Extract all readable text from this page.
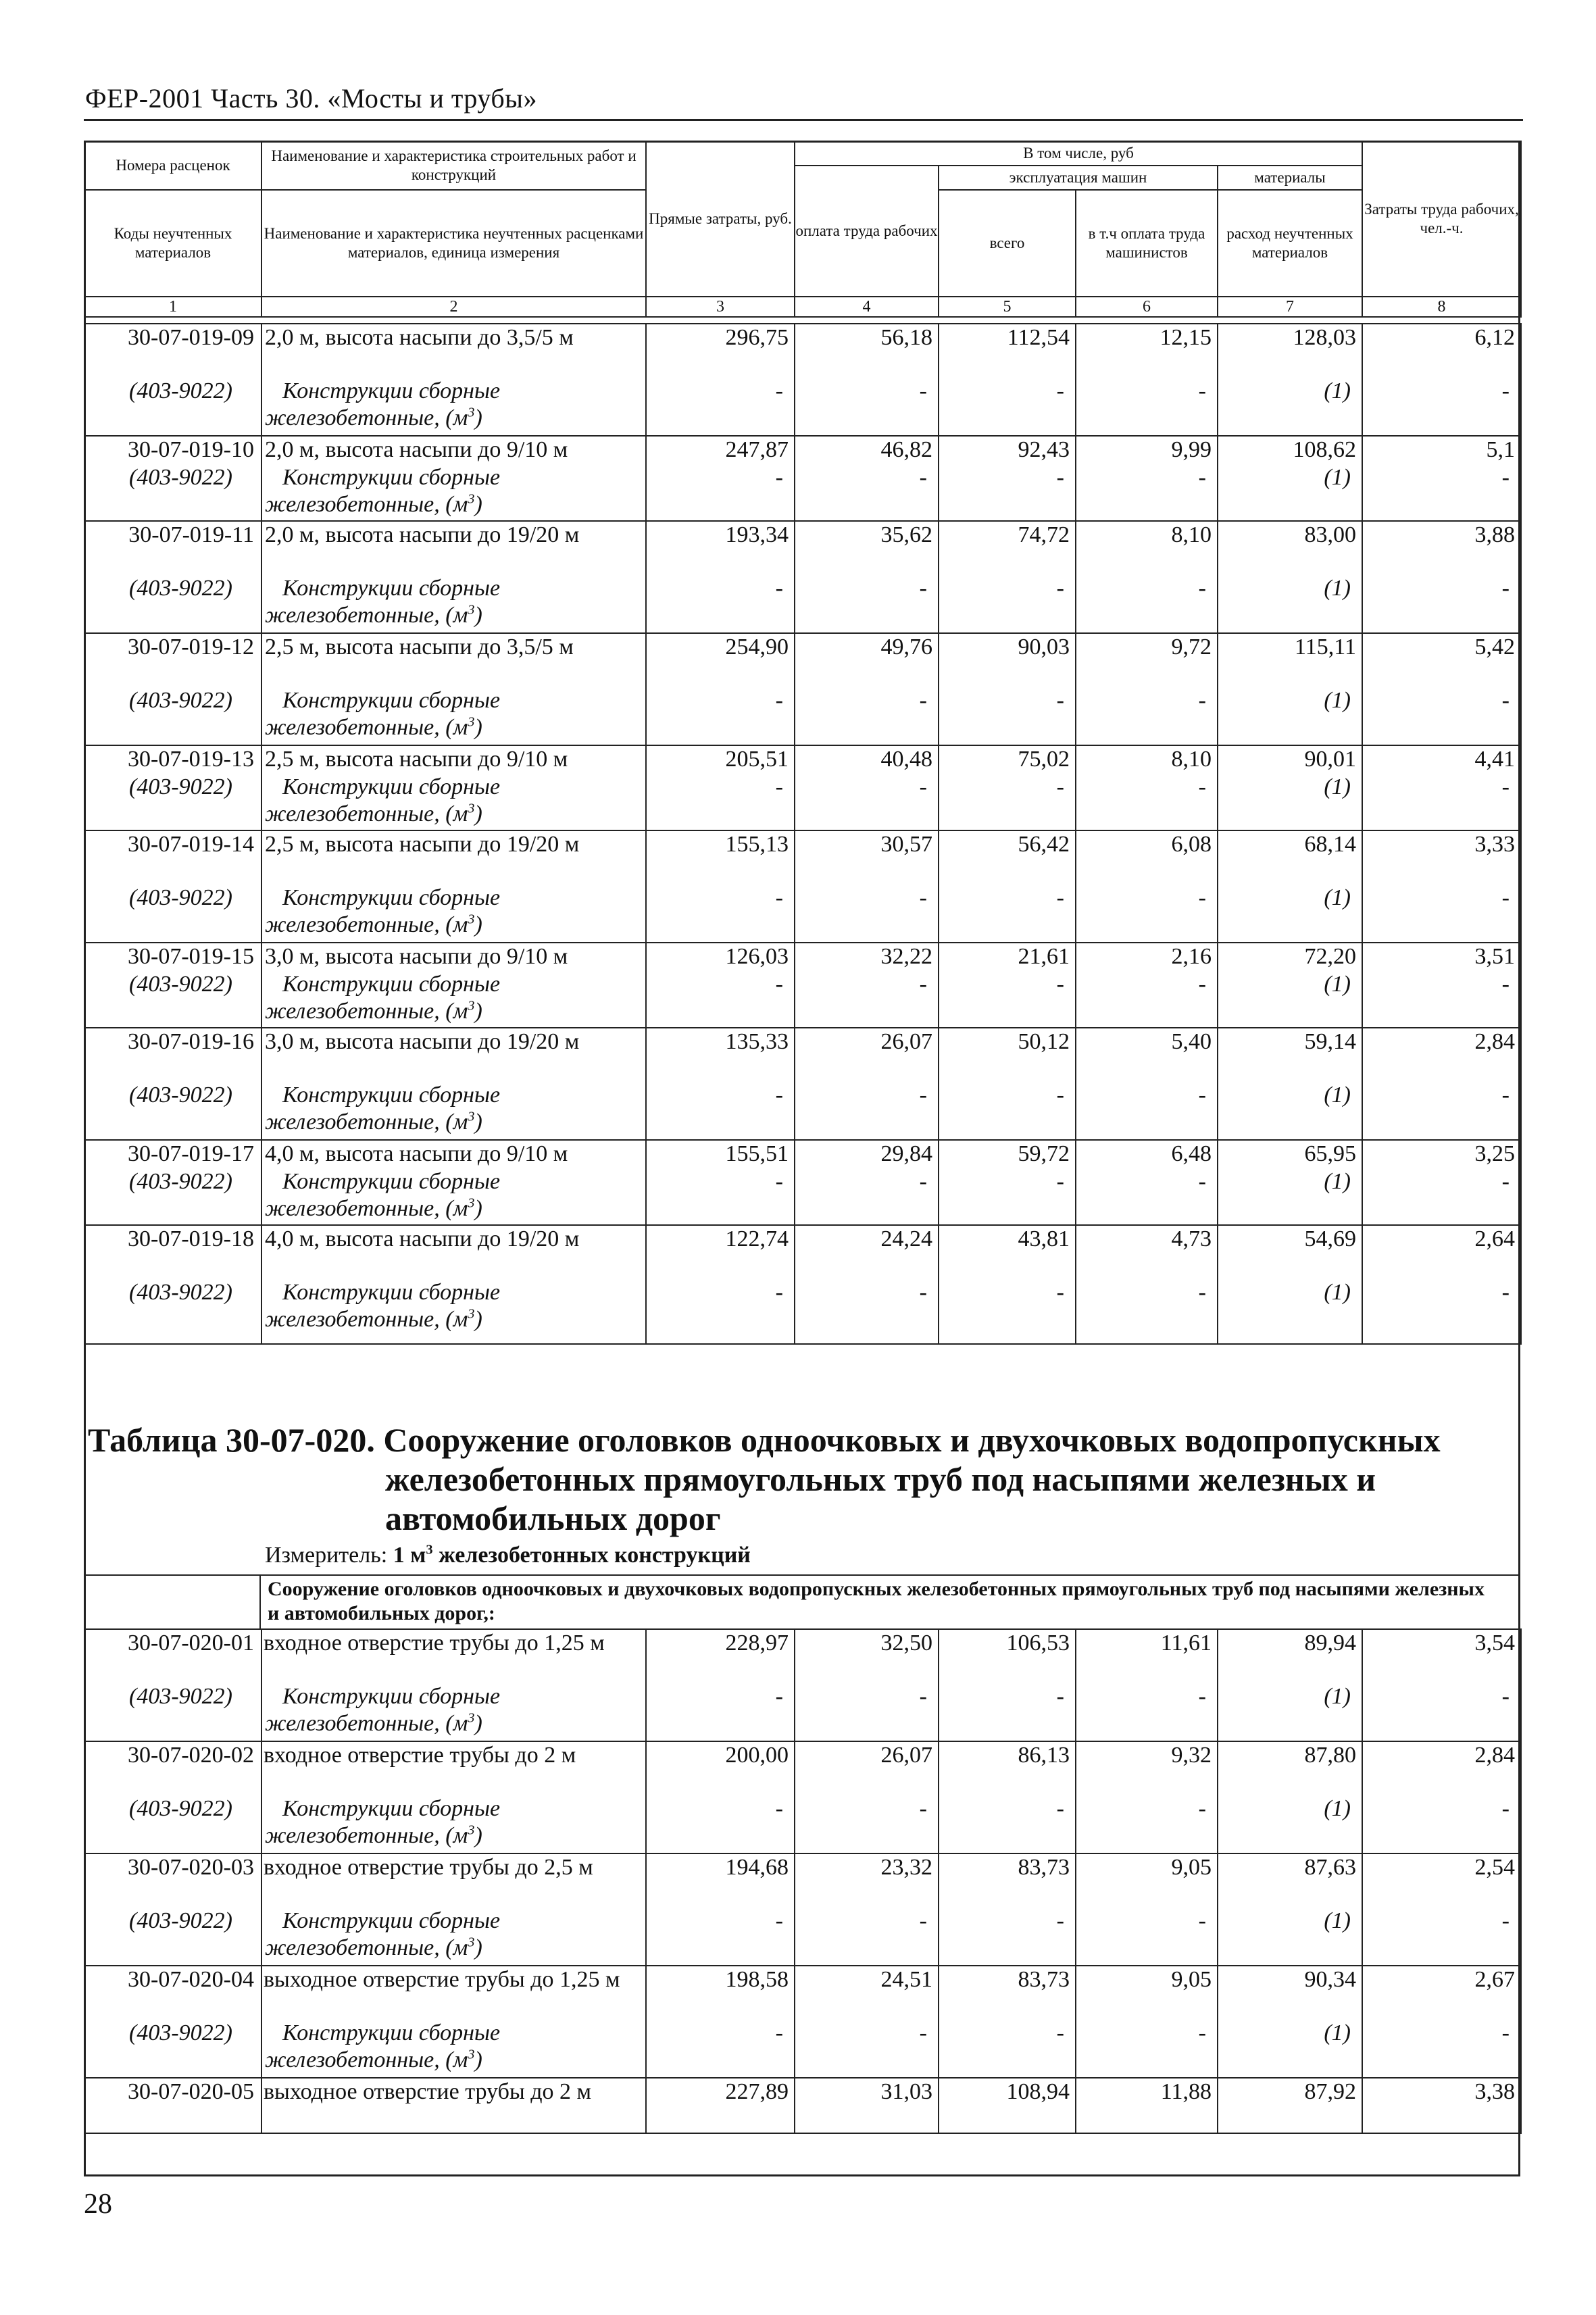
ФЕР-2001 Часть 30. «Мосты и трубы»
Номера расценок	Наименование и характеристика строительных работ и конструкций	Прямые затраты, руб.	В том числе, руб				Затраты труда рабочих, чел.-ч.
			оплата труда рабочих	эксплуатация машин		материалы	
Коды неучтенных материалов	Наименование и характеристика неучтенных расценками материалов, единица измерения			всего	в т.ч оплата труда машинистов	расход неучтенных материалов	

1	2	3	4	5	6	7	8
30-07-019-09	2,0 м, высота насыпи до 3,5/5 м	296,75	56,18	112,54	12,15	128,03	6,12
(403-9022)	Конструкции сборные
железобетонные, $(м^3)$	-	-	-	-	(1)	-
30-07-019-10	2,0 м, высота насыпи до 9/10 м	247,87	46,82	92,43	9,99	108,62	5,1
(403-9022)	Конструкции сборные
железобетонные, $(м^3)$	-	-	-	-	(1)	-
30-07-019-11	2,0 м, высота насыпи до 19/20 м	193,34	35,62	74,72	8,10	83,00	3,88
(403-9022)	Конструкции сборные
железобетонные, $(м^3)$	-	-	-	-	(1)	-
30-07-019-12	2,5 м, высота насыпи до 3,5/5 м	254,90	49,76	90,03	9,72	115,11	5,42
(403-9022)	Конструкции сборные
железобетонные, $(м^3)$	-	-	-	-	(1)	-
30-07-019-13	2,5 м, высота насыпи до 9/10 м	205,51	40,48	75,02	8,10	90,01	4,41
(403-9022)	Конструкции сборные
железобетонные, $(м^3)$	-	-	-	-	(1)	-
30-07-019-14	2,5 м, высота насыпи до 19/20 м	155,13	30,57	56,42	6,08	68,14	3,33
(403-9022)	Конструкции сборные
железобетонные, $(м^3)$	-	-	-	-	(1)	-
30-07-019-15	3,0 м, высота насыпи до 9/10 м	126,03	32,22	21,61	2,16	72,20	3,51
(403-9022)	Конструкции сборные
железобетонные, $(м^3)$	-	-	-	-	(1)	-
30-07-019-16	3,0 м, высота насыпи до 19/20 м	135,33	26,07	50,12	5,40	59,14	2,84
(403-9022)	Конструкции сборные
железобетонные, $(м^3)$	-	-	-	-	(1)	-
30-07-019-17	4,0 м, высота насыпи до 9/10 м	155,51	29,84	59,72	6,48	65,95	3,25
(403-9022)	Конструкции сборные
железобетонные, $(м^3)$	-	-	-	-	(1)	-
30-07-019-18	4,0 м, высота насыпи до 19/20 м	122,74	24,24	43,81	4,73	54,69	2,64
(403-9022)	Конструкции сборные
железобетонные, $(м^3)$	-	-	-	-	(1)	-
Таблица 30-07-020. Сооружение оголовков одноочковых и двухочковых водопропускных
железобетонных прямоугольных труб под насыпями железных и
автомобильных дорог
Измеритель: 1 $м^3$ железобетонных конструкций
Сооружение оголовков одноочковых и двухочковых водопропускных железобетонных прямоугольных труб под насыпями железных и автомобильных дорог,:
30-07-020-01	входное отверстие трубы до 1,25 м	228,97	32,50	106,53	11,61	89,94	3,54
(403-9022)	Конструкции сборные
железобетонные, $(м^3)$	-	-	-	-	(1)	-
30-07-020-02	входное отверстие трубы до 2 м	200,00	26,07	86,13	9,32	87,80	2,84
(403-9022)	Конструкции сборные
железобетонные, $(м^3)$	-	-	-	-	(1)	-
30-07-020-03	входное отверстие трубы до 2,5 м	194,68	23,32	83,73	9,05	87,63	2,54
(403-9022)	Конструкции сборные
железобетонные, $(м^3)$	-	-	-	-	(1)	-
30-07-020-04	выходное отверстие трубы до 1,25 м	198,58	24,51	83,73	9,05	90,34	2,67
(403-9022)	Конструкции сборные
железобетонные, $(м^3)$	-	-	-	-	(1)	-
30-07-020-05	выходное отверстие трубы до 2 м	227,89	31,03	108,94	11,88	87,92	3,38
28
